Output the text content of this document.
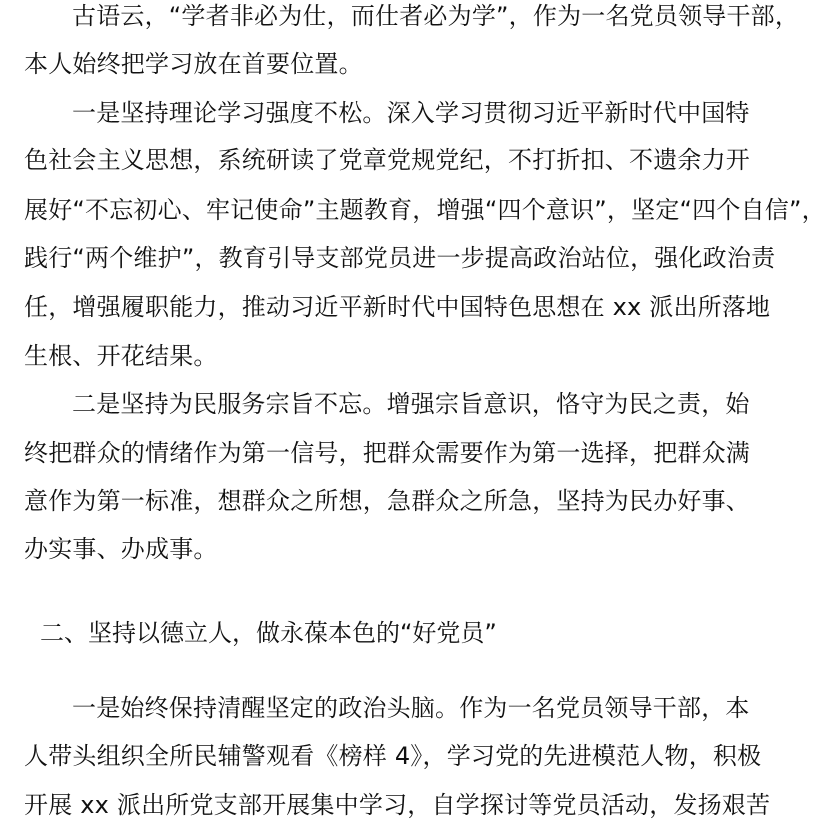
古语云，“学者非必为仕，而仕者必为学”，作为一名党员领导干部，
本人始终把学习放在首要位置。
一是坚持理论学习强度不松。深入学习贯彻习近平新时代中国特
色社会主义思想，系统研读了党章党规党纪，不打折扣、不遗余力开
展好“不忘初心、牢记使命”主题教育，增强“四个意识”，坚定“四个自信”，
践行“两个维护”，教育引导支部党员进一步提高政治站位，强化政治责
任，增强履职能力，推动习近平新时代中国特色思想在 xx 派出所落地
生根、开花结果。
二是坚持为民服务宗旨不忘。增强宗旨意识，恪守为民之责，始
终把群众的情绪作为第一信号，把群众需要作为第一选择，把群众满
意作为第一标准，想群众之所想，急群众之所急，坚持为民办好事、
办实事、办成事。
二、坚持以德立人，做永葆本色的“好党员”
一是始终保持清醒坚定的政治头脑。作为一名党员领导干部，本
人带头组织全所民辅警观看《榜样 4》，学习党的先进模范人物，积极
开展 xx 派出所党支部开展集中学习，自学探讨等党员活动，发扬艰苦
